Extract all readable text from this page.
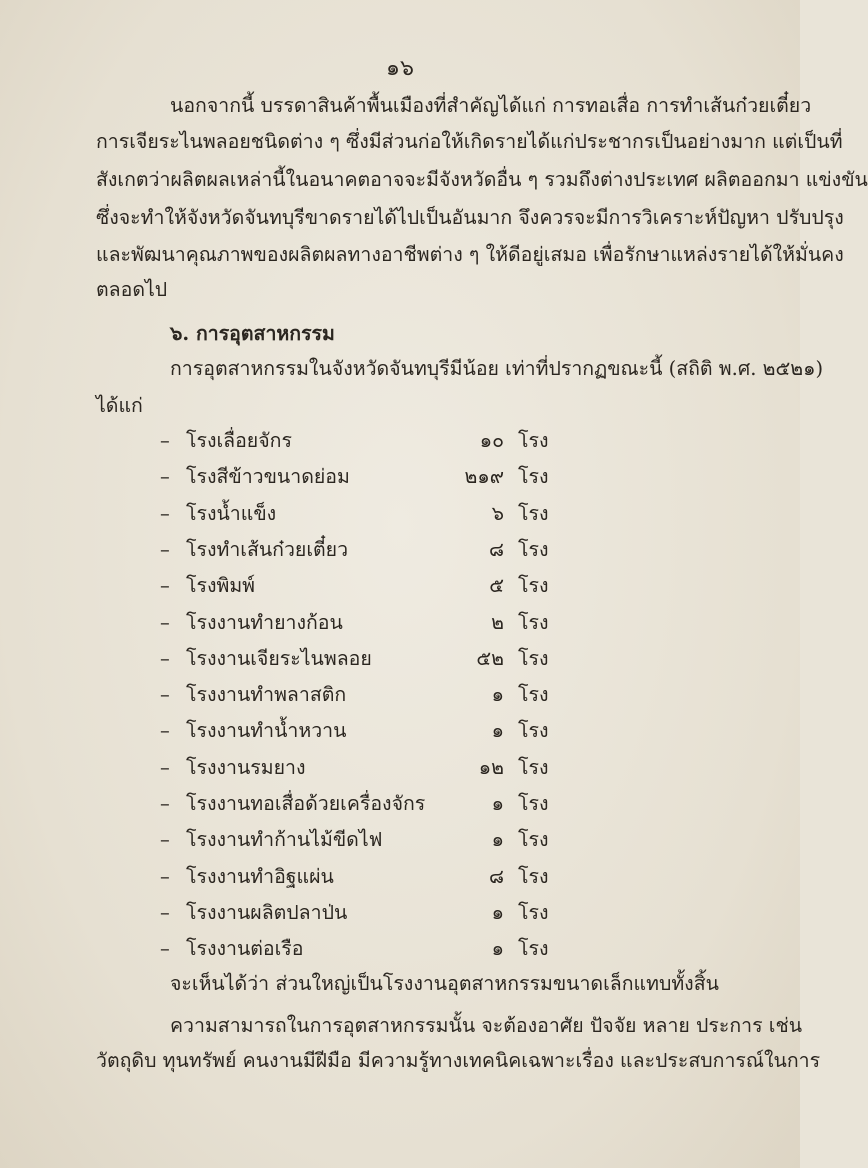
๑๖
นอกจากนี้ บรรดาสินค้าพื้นเมืองที่สำคัญได้แก่ การทอเสื่อ การทำเส้นก๋วยเตี๋ยว
การเจียระไนพลอยชนิดต่าง ๆ ซึ่งมีส่วนก่อให้เกิดรายได้แก่ประชากรเป็นอย่างมาก แต่เป็นที่
สังเกตว่าผลิตผลเหล่านี้ในอนาคตอาจจะมีจังหวัดอื่น ๆ รวมถึงต่างประเทศ ผลิตออกมา แข่งขัน
ซึ่งจะทำให้จังหวัดจันทบุรีขาดรายได้ไปเป็นอันมาก จึงควรจะมีการวิเคราะห์ปัญหา ปรับปรุง
และพัฒนาคุณภาพของผลิตผลทางอาชีพต่าง ๆ ให้ดีอยู่เสมอ เพื่อรักษาแหล่งรายได้ให้มั่นคง
ตลอดไป
๖. การอุตสาหกรรม
การอุตสาหกรรมในจังหวัดจันทบุรีมีน้อย เท่าที่ปรากฏขณะนี้ (สถิติ พ.ศ. ๒๕๒๑)
ได้แก่
– โรงเลื่อยจักร	๑๐ โรง
– โรงสีข้าวขนาดย่อม	๒๑๙ โรง
– โรงน้ำแข็ง	๖ โรง
– โรงทำเส้นก๋วยเตี๋ยว	๘ โรง
– โรงพิมพ์	๕ โรง
– โรงงานทำยางก้อน	๒ โรง
– โรงงานเจียระไนพลอย	๕๒ โรง
– โรงงานทำพลาสติก	๑ โรง
– โรงงานทำน้ำหวาน	๑ โรง
– โรงงานรมยาง	๑๒ โรง
– โรงงานทอเสื่อด้วยเครื่องจักร	๑ โรง
– โรงงานทำก้านไม้ขีดไฟ	๑ โรง
– โรงงานทำอิฐแผ่น	๘ โรง
– โรงงานผลิตปลาป่น	๑ โรง
– โรงงานต่อเรือ	๑ โรง
จะเห็นได้ว่า ส่วนใหญ่เป็นโรงงานอุตสาหกรรมขนาดเล็กแทบทั้งสิ้น
ความสามารถในการอุตสาหกรรมนั้น จะต้องอาศัย ปัจจัย หลาย ประการ เช่น
วัตถุดิบ ทุนทรัพย์ คนงานมีฝีมือ มีความรู้ทางเทคนิคเฉพาะเรื่อง และประสบการณ์ในการ
